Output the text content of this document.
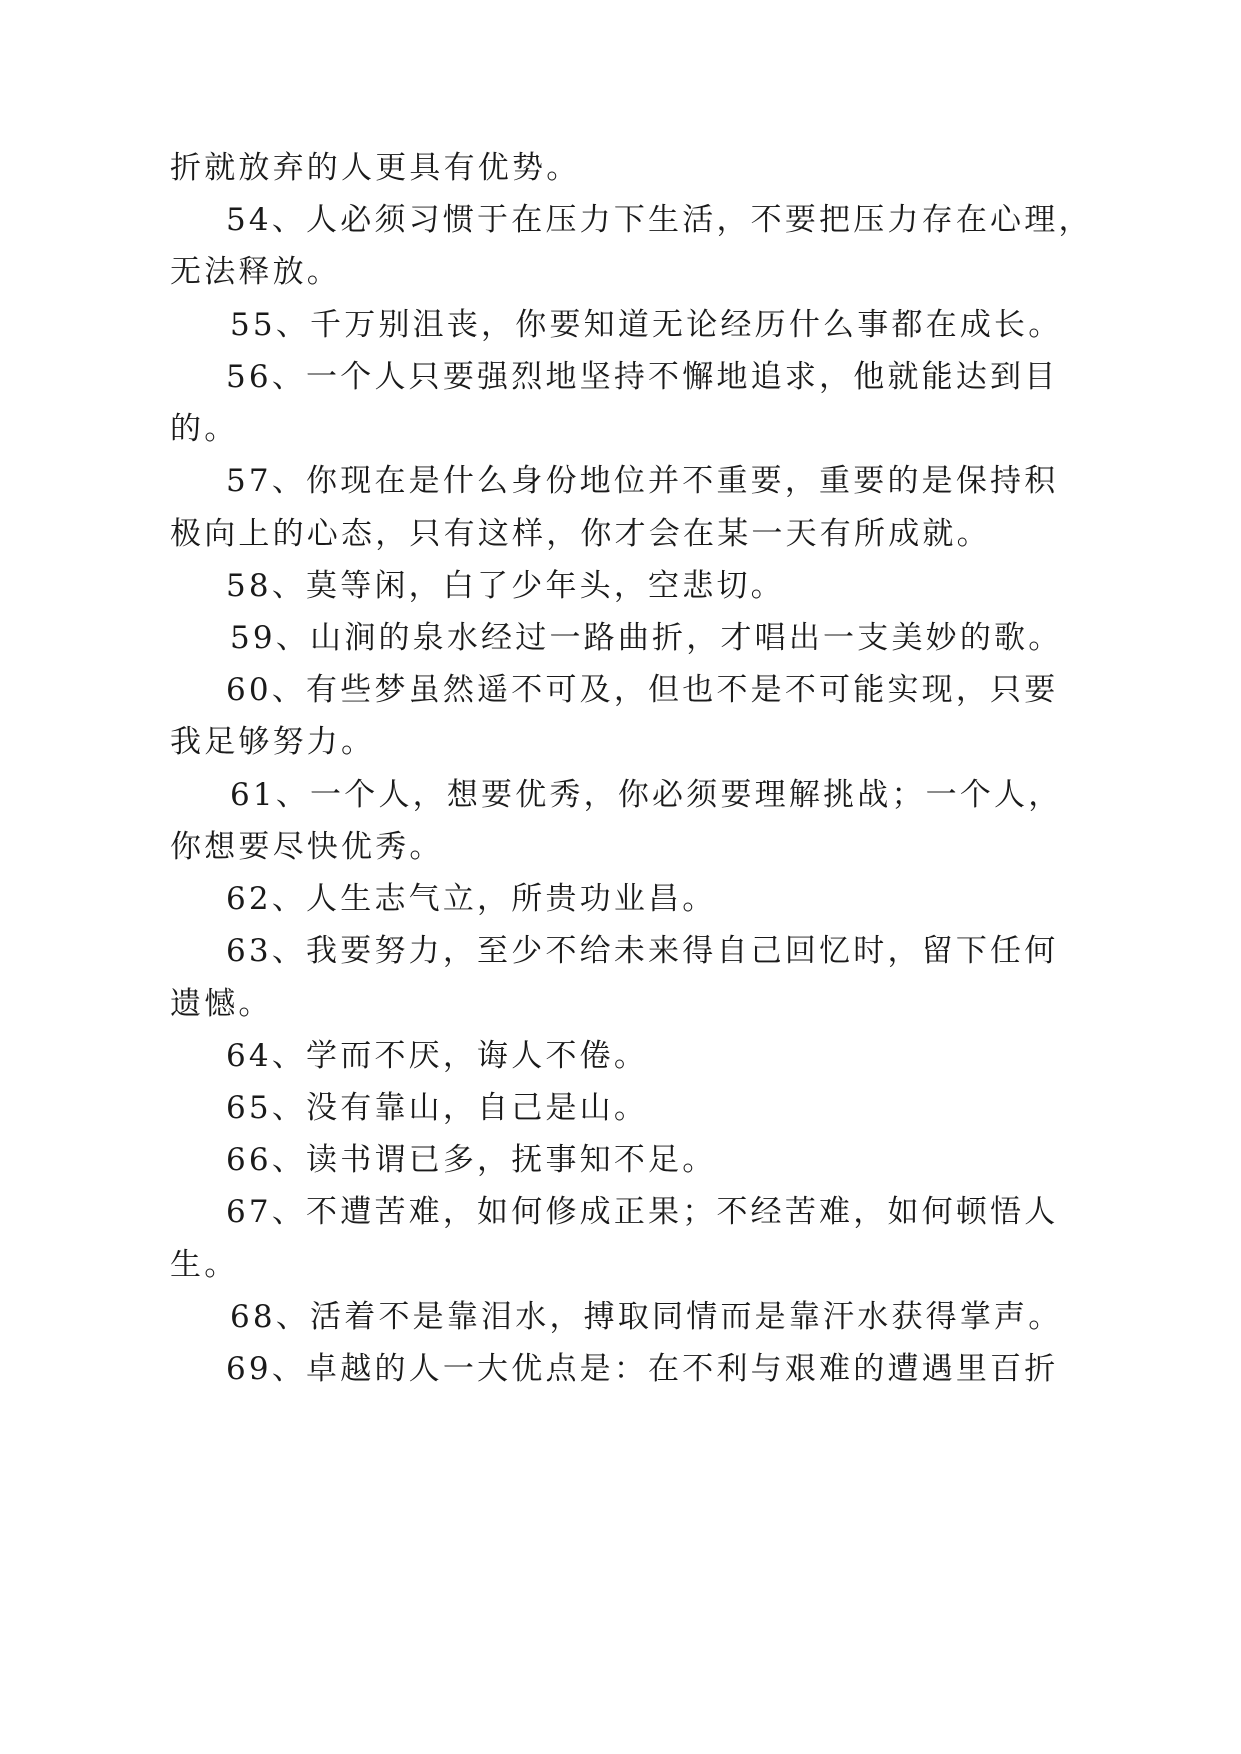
折就放弃的人更具有优势。
54、人必须习惯于在压力下生活，不要把压力存在心理，
无法释放。
55、千万别沮丧，你要知道无论经历什么事都在成长。
56、一个人只要强烈地坚持不懈地追求，他就能达到目
的。
57、你现在是什么身份地位并不重要，重要的是保持积
极向上的心态，只有这样，你才会在某一天有所成就。
58、莫等闲，白了少年头，空悲切。
59、山涧的泉水经过一路曲折，才唱出一支美妙的歌。
60、有些梦虽然遥不可及，但也不是不可能实现，只要
我足够努力。
61、一个人，想要优秀，你必须要理解挑战；一个人，
你想要尽快优秀。
62、人生志气立，所贵功业昌。
63、我要努力，至少不给未来得自己回忆时，留下任何
遗憾。
64、学而不厌，诲人不倦。
65、没有靠山，自己是山。
66、读书谓已多，抚事知不足。
67、不遭苦难，如何修成正果；不经苦难，如何顿悟人
生。
68、活着不是靠泪水，搏取同情而是靠汗水获得掌声。
69、卓越的人一大优点是：在不利与艰难的遭遇里百折
